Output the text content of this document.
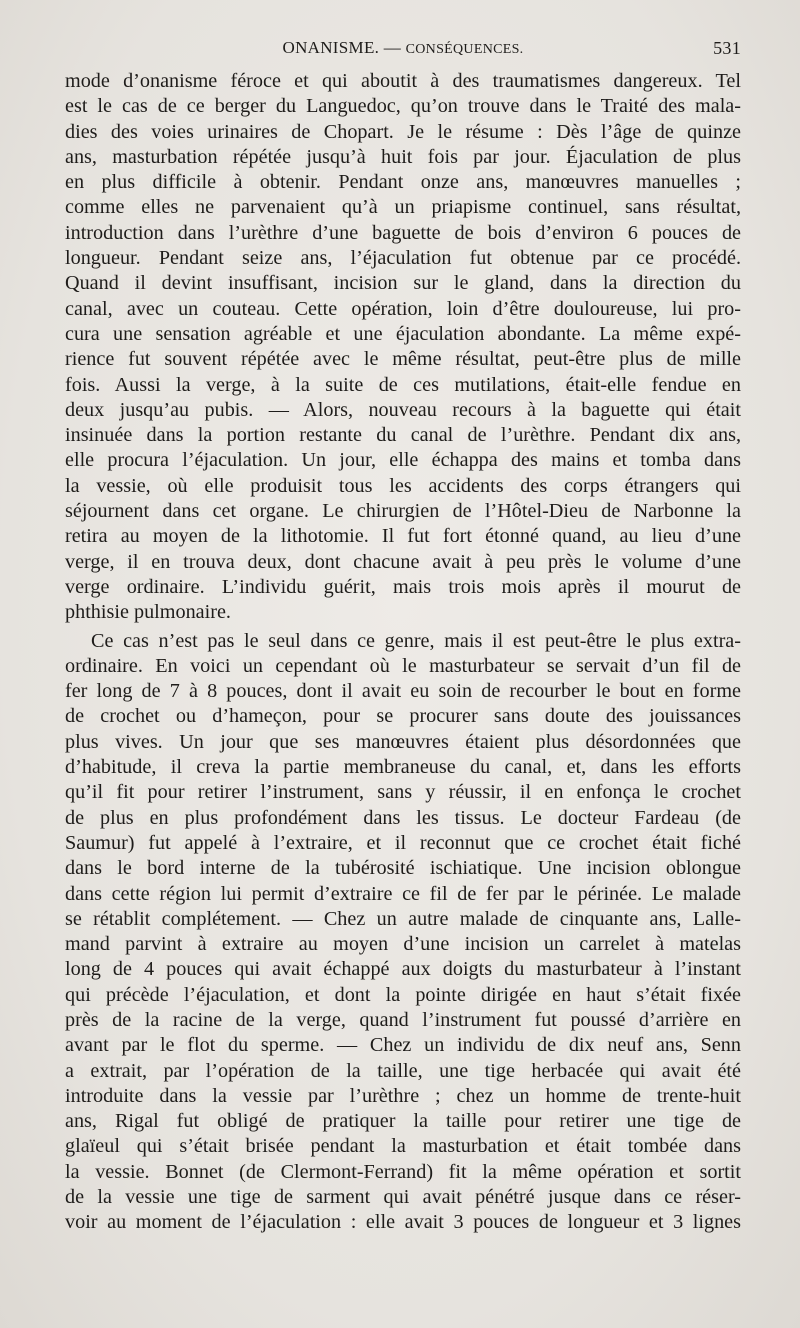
ONANISME. — CONSÉQUENCES.	531
mode d’onanisme féroce et qui aboutit à des traumatismes dangereux. Tel
est le cas de ce berger du Languedoc, qu’on trouve dans le Traité des mala-
dies des voies urinaires de Chopart. Je le résume : Dès l’âge de quinze
ans, masturbation répétée jusqu’à huit fois par jour. Éjaculation de plus
en plus difficile à obtenir. Pendant onze ans, manœuvres manuelles ;
comme elles ne parvenaient qu’à un priapisme continuel, sans résultat,
introduction dans l’urèthre d’une baguette de bois d’environ 6 pouces de
longueur. Pendant seize ans, l’éjaculation fut obtenue par ce procédé.
Quand il devint insuffisant, incision sur le gland, dans la direction du
canal, avec un couteau. Cette opération, loin d’être douloureuse, lui pro-
cura une sensation agréable et une éjaculation abondante. La même expé-
rience fut souvent répétée avec le même résultat, peut-être plus de mille
fois. Aussi la verge, à la suite de ces mutilations, était-elle fendue en
deux jusqu’au pubis. — Alors, nouveau recours à la baguette qui était
insinuée dans la portion restante du canal de l’urèthre. Pendant dix ans,
elle procura l’éjaculation. Un jour, elle échappa des mains et tomba dans
la vessie, où elle produisit tous les accidents des corps étrangers qui
séjournent dans cet organe. Le chirurgien de l’Hôtel-Dieu de Narbonne la
retira au moyen de la lithotomie. Il fut fort étonné quand, au lieu d’une
verge, il en trouva deux, dont chacune avait à peu près le volume d’une
verge ordinaire. L’individu guérit, mais trois mois après il mourut de
phthisie pulmonaire.
Ce cas n’est pas le seul dans ce genre, mais il est peut-être le plus extra-
ordinaire. En voici un cependant où le masturbateur se servait d’un fil de
fer long de 7 à 8 pouces, dont il avait eu soin de recourber le bout en forme
de crochet ou d’hameçon, pour se procurer sans doute des jouissances
plus vives. Un jour que ses manœuvres étaient plus désordonnées que
d’habitude, il creva la partie membraneuse du canal, et, dans les efforts
qu’il fit pour retirer l’instrument, sans y réussir, il en enfonça le crochet
de plus en plus profondément dans les tissus. Le docteur Fardeau (de
Saumur) fut appelé à l’extraire, et il reconnut que ce crochet était fiché
dans le bord interne de la tubérosité ischiatique. Une incision oblongue
dans cette région lui permit d’extraire ce fil de fer par le périnée. Le malade
se rétablit complétement. — Chez un autre malade de cinquante ans, Lalle-
mand parvint à extraire au moyen d’une incision un carrelet à matelas
long de 4 pouces qui avait échappé aux doigts du masturbateur à l’instant
qui précède l’éjaculation, et dont la pointe dirigée en haut s’était fixée
près de la racine de la verge, quand l’instrument fut poussé d’arrière en
avant par le flot du sperme. — Chez un individu de dix neuf ans, Senn
a extrait, par l’opération de la taille, une tige herbacée qui avait été
introduite dans la vessie par l’urèthre ; chez un homme de trente-huit
ans, Rigal fut obligé de pratiquer la taille pour retirer une tige de
glaïeul qui s’était brisée pendant la masturbation et était tombée dans
la vessie. Bonnet (de Clermont-Ferrand) fit la même opération et sortit
de la vessie une tige de sarment qui avait pénétré jusque dans ce réser-
voir au moment de l’éjaculation : elle avait 3 pouces de longueur et 3 lignes
